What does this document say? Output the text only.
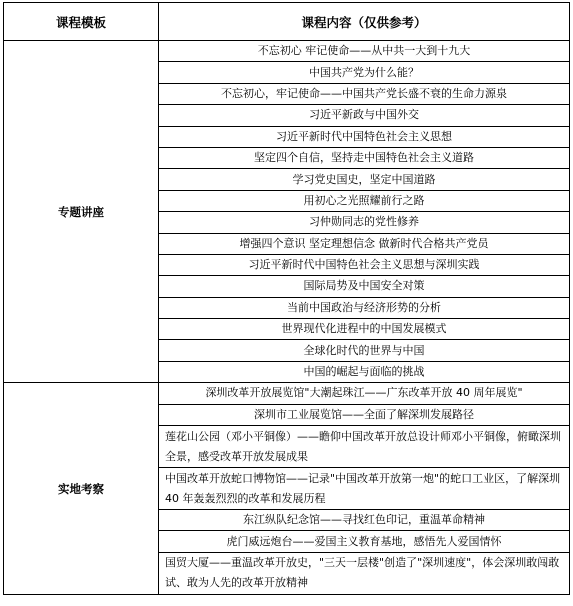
课程模板	课程内容（仅供参考）
专题讲座	不忘初心 牢记使命——从中共一大到十九大
	中国共产党为什么能？
	不忘初心，牢记使命——中国共产党长盛不衰的生命力源泉
	习近平新政与中国外交
	习近平新时代中国特色社会主义思想
	坚定四个自信，坚持走中国特色社会主义道路
	学习党史国史，坚定中国道路
	用初心之光照耀前行之路
	习仲勋同志的党性修养
	增强四个意识 坚定理想信念 做新时代合格共产党员
	习近平新时代中国特色社会主义思想与深圳实践
	国际局势及中国安全对策
	当前中国政治与经济形势的分析
	世界现代化进程中的中国发展模式
	全球化时代的世界与中国
	中国的崛起与面临的挑战
实地考察	深圳改革开放展览馆"大潮起珠江——广东改革开放 40 周年展览"
	深圳市工业展览馆——全面了解深圳发展路径
	莲花山公园（邓小平铜像）——瞻仰中国改革开放总设计师邓小平铜像，俯瞰深圳全景，感受改革开放发展成果
	中国改革开放蛇口博物馆——记录"中国改革开放第一炮"的蛇口工业区，了解深圳 40 年轰轰烈烈的改革和发展历程
	东江纵队纪念馆——寻找红色印记，重温革命精神
	虎门威远炮台——爱国主义教育基地，感悟先人爱国情怀
	国贸大厦——重温改革开放史，"三天一层楼"创造了"深圳速度"，体会深圳敢闯敢试、敢为人先的改革开放精神
